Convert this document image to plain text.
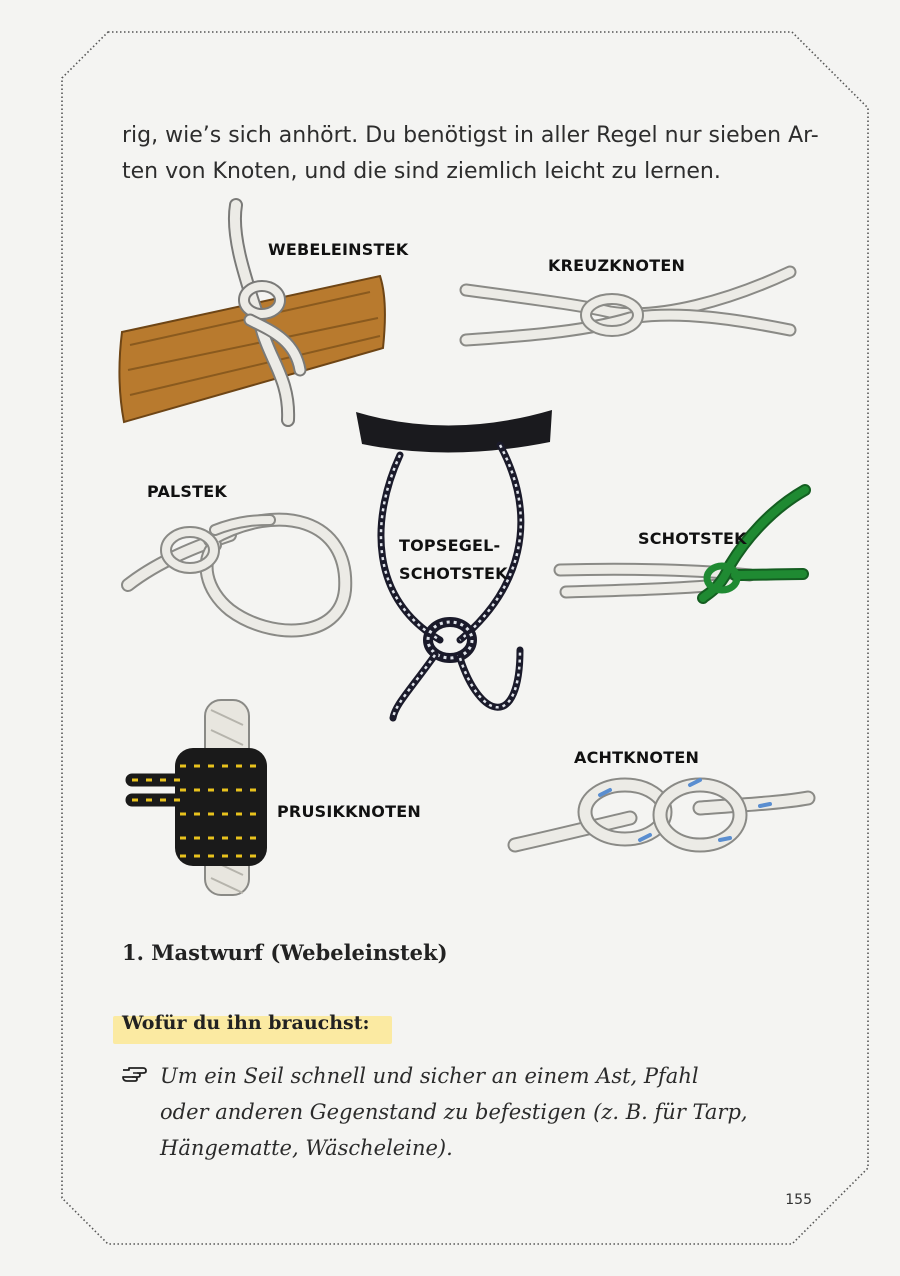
rig, wie’s sich anhört. Du benötigst in aller Regel nur sieben Ar-
ten von Knoten, und die sind ziemlich leicht zu lernen.

WEBELEINSTEK
KREUZKNOTEN
PALSTEK
TOPSEGEL-
SCHOTSTEK
SCHOTSTEK
ACHTKNOTEN
PRUSIKKNOTEN
1. Mastwurf (Webeleinstek)
Wofür du ihn brauchst:
Um ein Seil schnell und sicher an einem Ast, Pfahl
oder anderen Gegenstand zu befestigen (z. B. für Tarp,
Hängematte, Wäscheleine).
155
